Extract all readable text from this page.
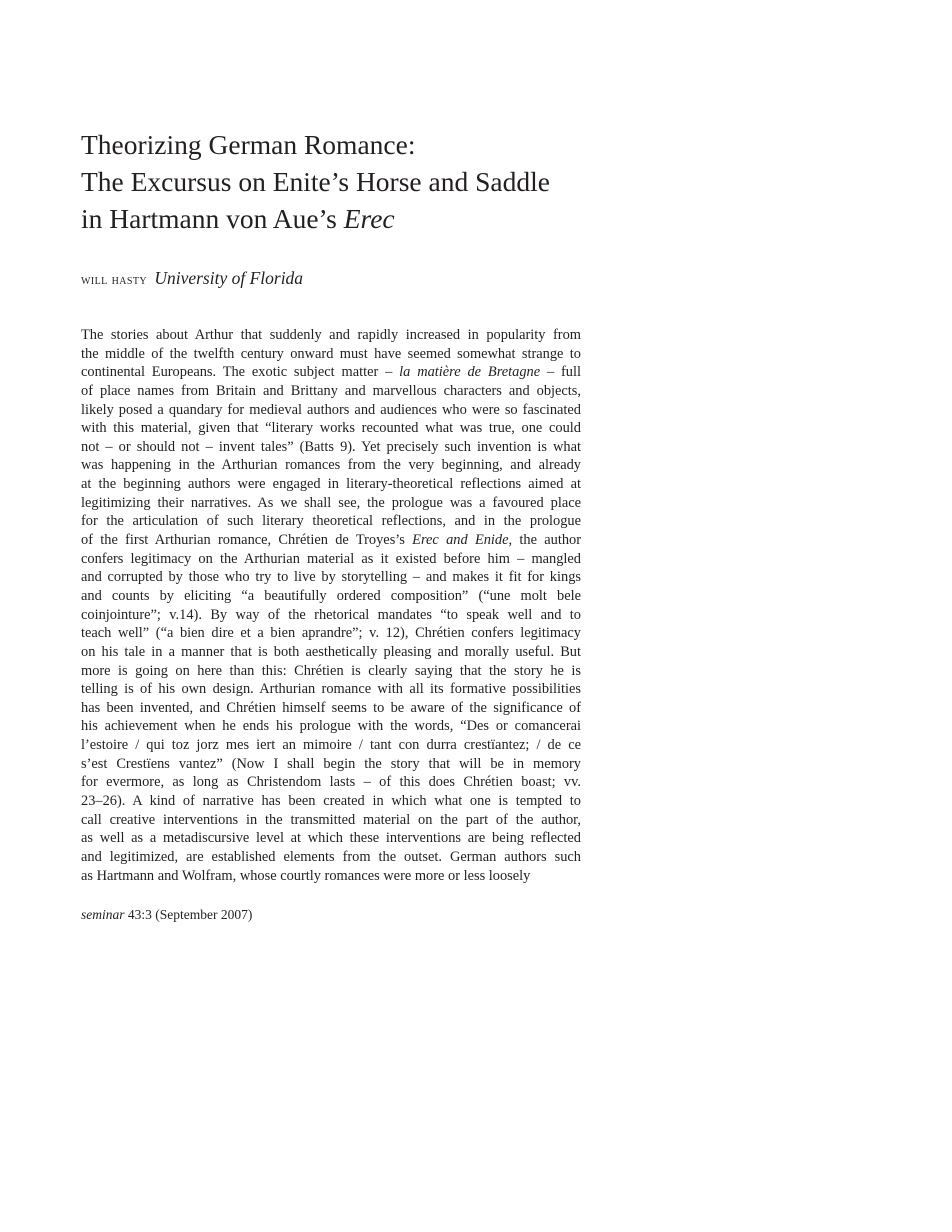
Theorizing German Romance:
The Excursus on Enite’s Horse and Saddle
in Hartmann von Aue’s Erec
will hasty University of Florida
The stories about Arthur that suddenly and rapidly increased in popularity from
the middle of the twelfth century onward must have seemed somewhat strange to
continental Europeans. The exotic subject matter – la matière de Bretagne – full
of place names from Britain and Brittany and marvellous characters and objects,
likely posed a quandary for medieval authors and audiences who were so fascinated
with this material, given that “literary works recounted what was true, one could
not – or should not – invent tales” (Batts 9). Yet precisely such invention is what
was happening in the Arthurian romances from the very beginning, and already
at the beginning authors were engaged in literary-theoretical reflections aimed at
legitimizing their narratives. As we shall see, the prologue was a favoured place
for the articulation of such literary theoretical reflections, and in the prologue
of the first Arthurian romance, Chrétien de Troyes’s Erec and Enide, the author
confers legitimacy on the Arthurian material as it existed before him – mangled
and corrupted by those who try to live by storytelling – and makes it fit for kings
and counts by eliciting “a beautifully ordered composition” (“une molt bele
coinjointure”; v.14). By way of the rhetorical mandates “to speak well and to
teach well” (“a bien dire et a bien aprandre”; v. 12), Chrétien confers legitimacy
on his tale in a manner that is both aesthetically pleasing and morally useful. But
more is going on here than this: Chrétien is clearly saying that the story he is
telling is of his own design. Arthurian romance with all its formative possibilities
has been invented, and Chrétien himself seems to be aware of the significance of
his achievement when he ends his prologue with the words, “Des or comancerai
l’estoire / qui toz jorz mes iert an mimoire / tant con durra crestïantez; / de ce
s’est Crestïens vantez” (Now I shall begin the story that will be in memory
for evermore, as long as Christendom lasts – of this does Chrétien boast; vv.
23–26). A kind of narrative has been created in which what one is tempted to
call creative interventions in the transmitted material on the part of the author,
as well as a metadiscursive level at which these interventions are being reflected
and legitimized, are established elements from the outset. German authors such
as Hartmann and Wolfram, whose courtly romances were more or less loosely
seminar 43:3 (September 2007)
